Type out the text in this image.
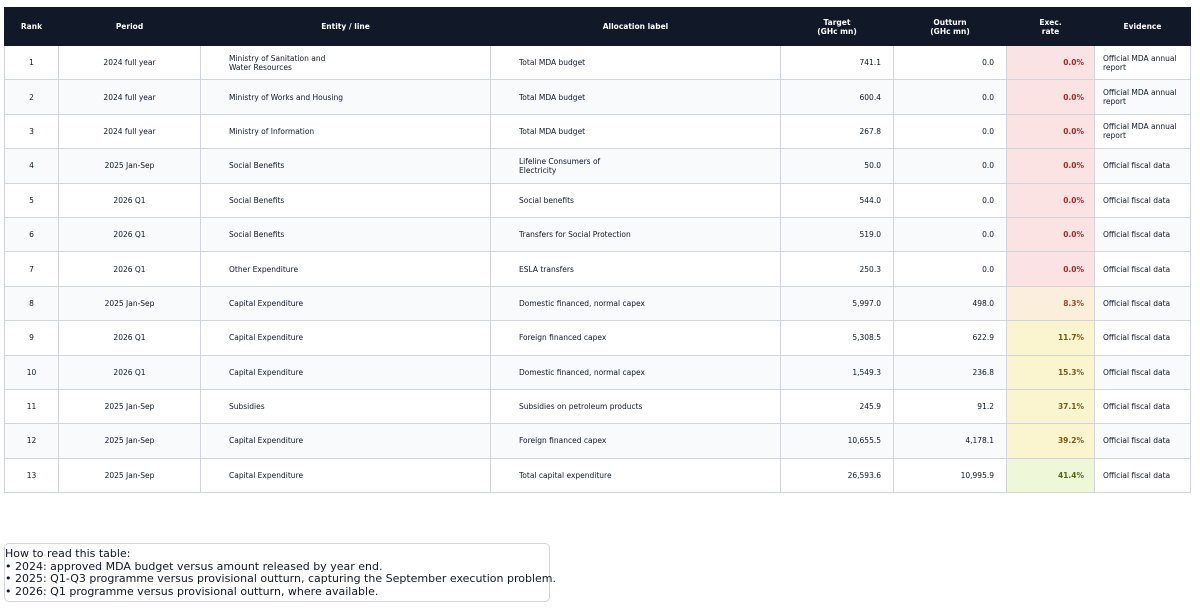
Rank	Period	Entity / line	Allocation label	Target
(GHc mn)	Outturn
(GHc mn)	Exec.
rate	Evidence
1	2024 full year	Ministry of Sanitation and
Water Resources	Total MDA budget	741.1	0.0	0.0%	Official MDA annual
report
2	2024 full year	Ministry of Works and Housing	Total MDA budget	600.4	0.0	0.0%	Official MDA annual
report
3	2024 full year	Ministry of Information	Total MDA budget	267.8	0.0	0.0%	Official MDA annual
report
4	2025 Jan-Sep	Social Benefits	Lifeline Consumers of
Electricity	50.0	0.0	0.0%	Official fiscal data
5	2026 Q1	Social Benefits	Social benefits	544.0	0.0	0.0%	Official fiscal data
6	2026 Q1	Social Benefits	Transfers for Social Protection	519.0	0.0	0.0%	Official fiscal data
7	2026 Q1	Other Expenditure	ESLA transfers	250.3	0.0	0.0%	Official fiscal data
8	2025 Jan-Sep	Capital Expenditure	Domestic financed, normal capex	5,997.0	498.0	8.3%	Official fiscal data
9	2026 Q1	Capital Expenditure	Foreign financed capex	5,308.5	622.9	11.7%	Official fiscal data
10	2026 Q1	Capital Expenditure	Domestic financed, normal capex	1,549.3	236.8	15.3%	Official fiscal data
11	2025 Jan-Sep	Subsidies	Subsidies on petroleum products	245.9	91.2	37.1%	Official fiscal data
12	2025 Jan-Sep	Capital Expenditure	Foreign financed capex	10,655.5	4,178.1	39.2%	Official fiscal data
13	2025 Jan-Sep	Capital Expenditure	Total capital expenditure	26,593.6	10,995.9	41.4%	Official fiscal data
How to read this table:
• 2024: approved MDA budget versus amount released by year end.
• 2025: Q1-Q3 programme versus provisional outturn, capturing the September execution problem.
• 2026: Q1 programme versus provisional outturn, where available.
